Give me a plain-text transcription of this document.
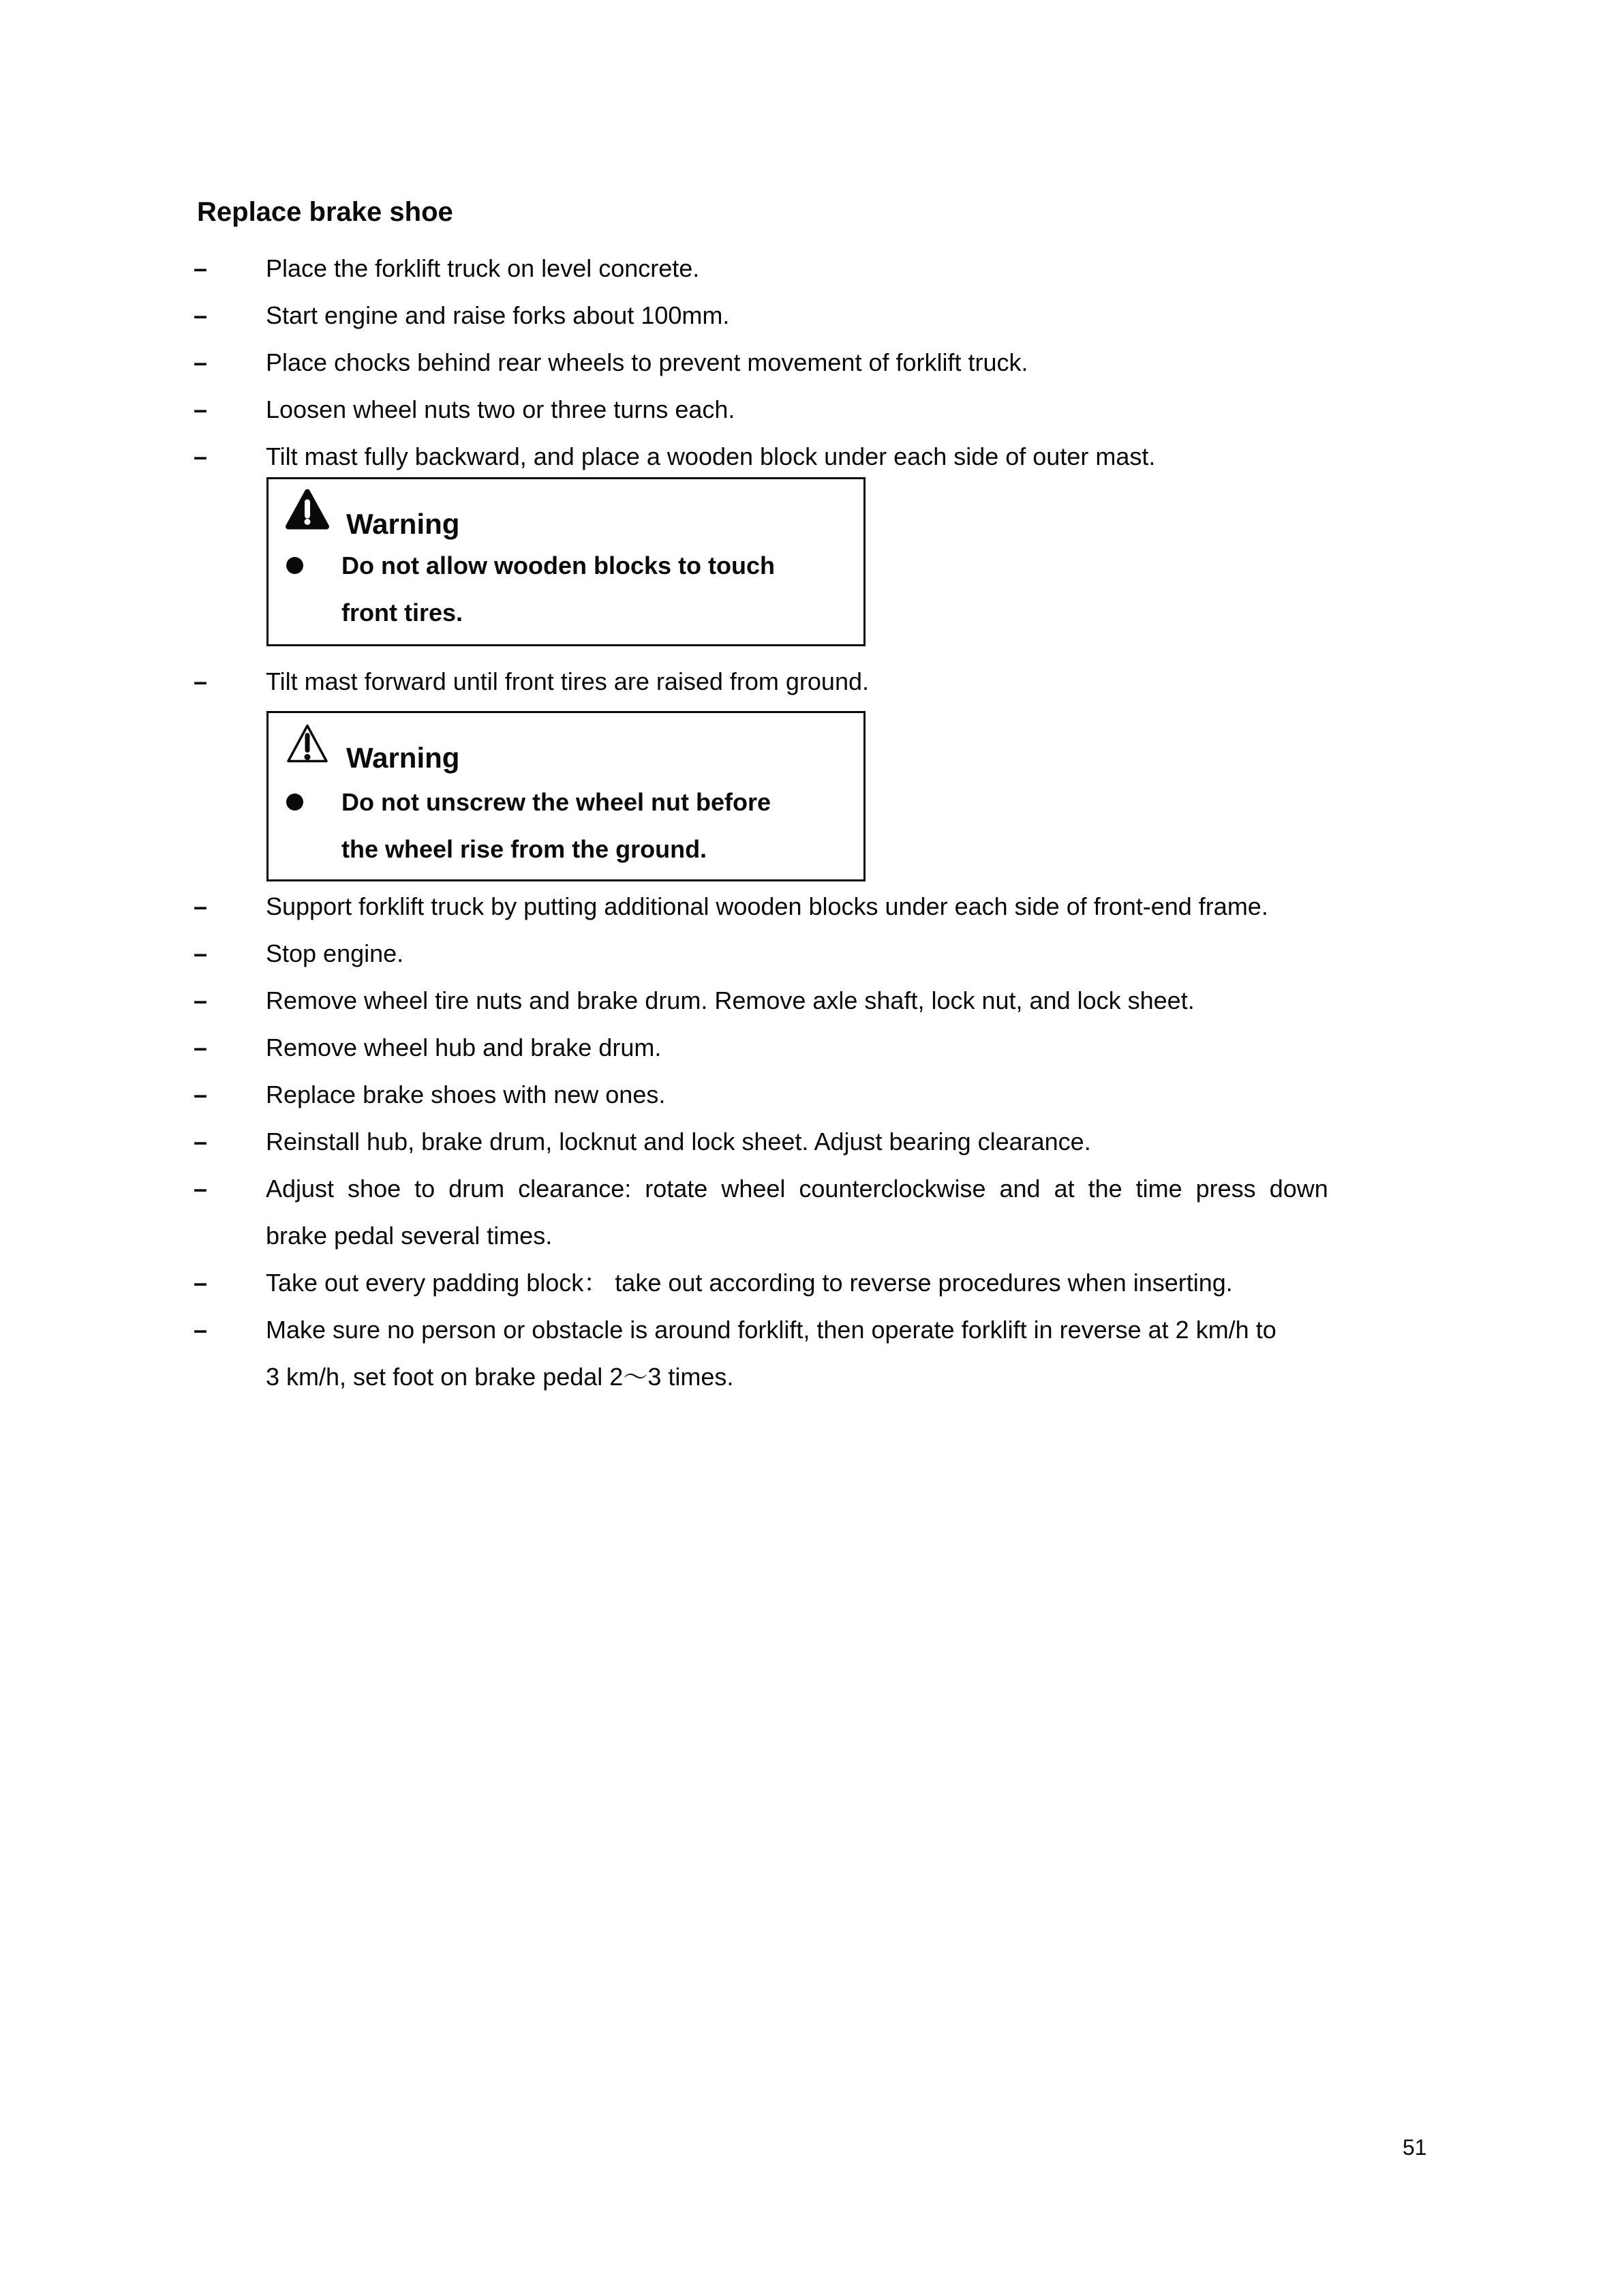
Replace brake shoe
–	Place the forklift truck on level concrete.
–	Start engine and raise forks about 100mm.
–	Place chocks behind rear wheels to prevent movement of forklift truck.
–	Loosen wheel nuts two or three turns each.
–	Tilt mast fully backward, and place a wooden block under each side of outer mast.
Warning
Do not allow wooden blocks to touch
front tires.
–	Tilt mast forward until front tires are raised from ground.
Warning
Do not unscrew the wheel nut before
the wheel rise from the ground.
–	Support forklift truck by putting additional wooden blocks under each side of front-end frame.
–	Stop engine.
–	Remove wheel tire nuts and brake drum. Remove axle shaft, lock nut, and lock sheet.
–	Remove wheel hub and brake drum.
–	Replace brake shoes with new ones.
–	Reinstall hub, brake drum, locknut and lock sheet. Adjust bearing clearance.
–	Adjust shoe to drum clearance: rotate wheel counterclockwise and at the time press down
brake pedal several times.
–	Take out every padding block： take out according to reverse procedures when inserting.
–	Make sure no person or obstacle is around forklift, then operate forklift in reverse at 2 km/h to
3 km/h, set foot on brake pedal 2～3 times.
51
